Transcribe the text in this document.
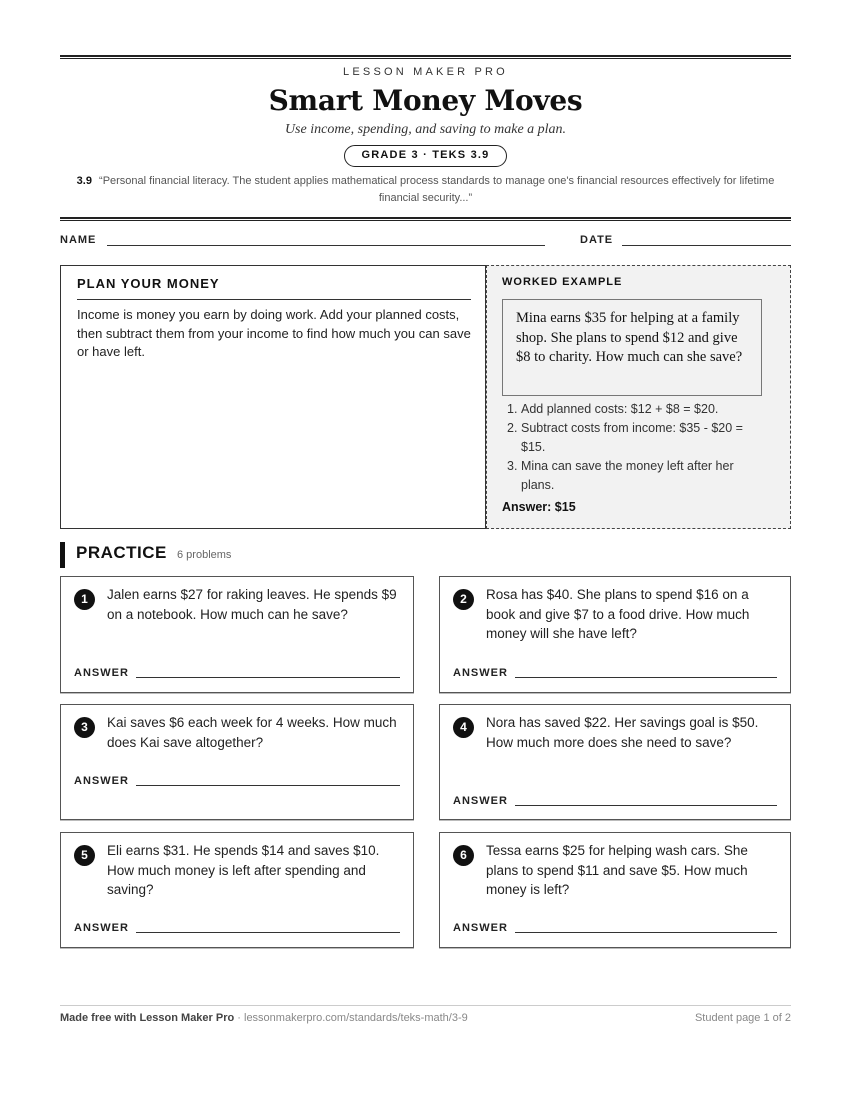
LESSON MAKER PRO
Smart Money Moves
Use income, spending, and saving to make a plan.
GRADE 3 · TEKS 3.9
3.9 “Personal financial literacy. The student applies mathematical process standards to manage one's financial resources effectively for lifetime financial security...”
NAME	DATE
PLAN YOUR MONEY
Income is money you earn by doing work. Add your planned costs, then subtract them from your income to find how much you can save or have left.
WORKED EXAMPLE
Mina earns $35 for helping at a family shop. She plans to spend $12 and give $8 to charity. How much can she save?
1. Add planned costs: $12 + $8 = $20.
2. Subtract costs from income: $35 - $20 = $15.
3. Mina can save the money left after her plans.
Answer: $15
PRACTICE 6 problems
1	Jalen earns $27 for raking leaves. He spends $9 on a notebook. How much can he save?
ANSWER
2	Rosa has $40. She plans to spend $16 on a book and give $7 to a food drive. How much money will she have left?
ANSWER
3	Kai saves $6 each week for 4 weeks. How much does Kai save altogether?
ANSWER
4	Nora has saved $22. Her savings goal is $50. How much more does she need to save?
ANSWER
5	Eli earns $31. He spends $14 and saves $10. How much money is left after spending and saving?
ANSWER
6	Tessa earns $25 for helping wash cars. She plans to spend $11 and save $5. How much money is left?
ANSWER
Made free with Lesson Maker Pro · lessonmakerpro.com/standards/teks-math/3-9	Student page 1 of 2
